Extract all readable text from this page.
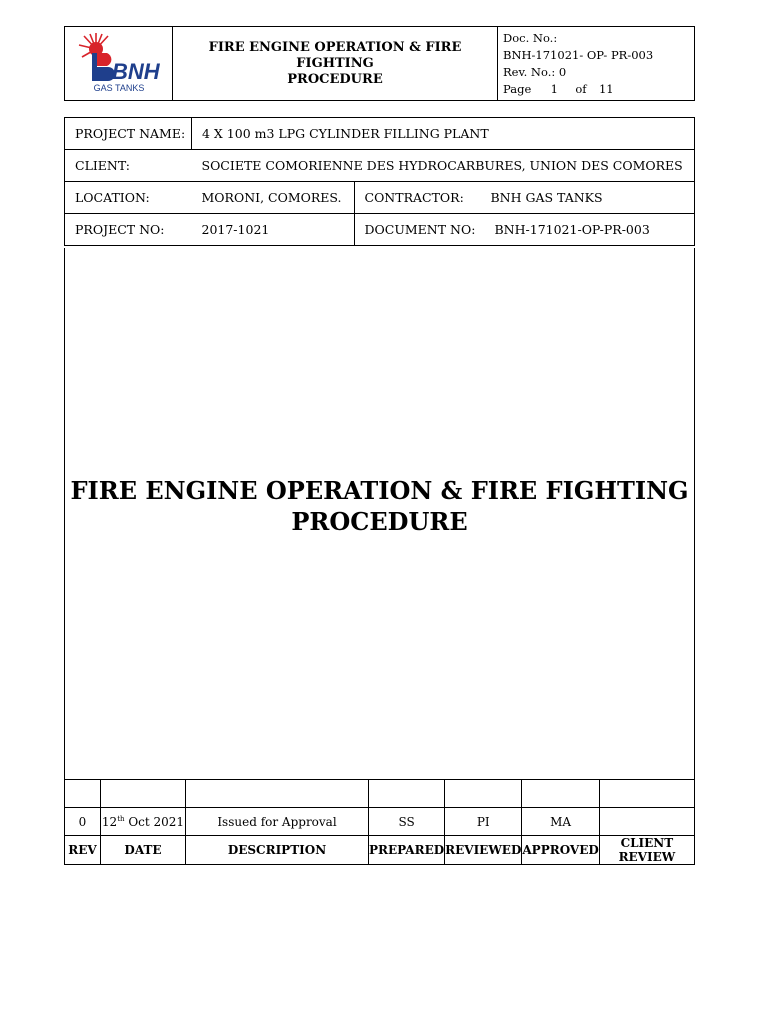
BNH
GAS TANKS

FIRE ENGINE OPERATION & FIRE FIGHTING
PROCEDURE

Doc. No.: BNH-171021- OP- PR-003
Rev. No.: 0
Page 1 of 11
PROJECT NAME:	4 X 100 m3 LPG CYLINDER FILLING PLANT		
CLIENT:	SOCIETE COMORIENNE DES HYDROCARBURES, UNION DES COMORES		
LOCATION:	MORONI, COMORES.	CONTRACTOR:	BNH GAS TANKS
PROJECT NO:	2017-1021	DOCUMENT NO:	BNH-171021-OP-PR-003
FIRE ENGINE OPERATION & FIRE FIGHTING
PROCEDURE

0	12th Oct 2021	Issued for Approval	SS	PI	MA	
REV	DATE	DESCRIPTION	PREPARED	REVIEWED	APPROVED	CLIENT REVIEW
